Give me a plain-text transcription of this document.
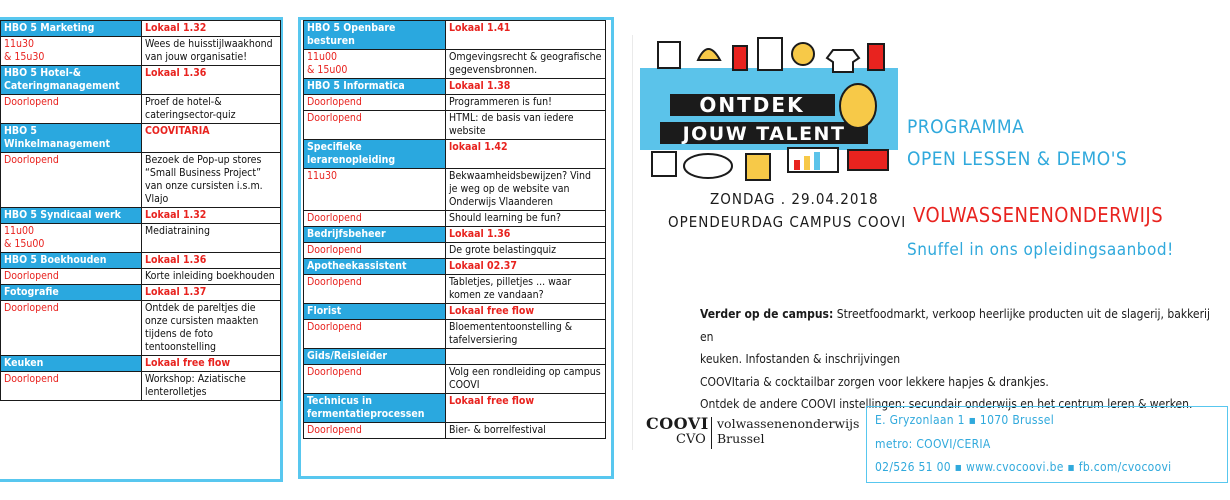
HBO 5 Marketing	Lokaal 1.32
11u30
& 15u30	Wees de huisstijlwaakhond van jouw organisatie!
HBO 5 Hotel-& Cateringmanagement	Lokaal 1.36
Doorlopend	Proef de hotel-& cateringsector-quiz
HBO 5 Winkelmanagement	COOVITARIA
Doorlopend	Bezoek de Pop-up stores “Small Business Project” van onze cursisten i.s.m. Vlajo
HBO 5 Syndicaal werk	Lokaal 1.32
11u00
& 15u00	Mediatraining
HBO 5 Boekhouden	Lokaal 1.36
Doorlopend	Korte inleiding boekhouden
Fotografie	Lokaal 1.37
Doorlopend	Ontdek de pareltjes die onze cursisten maakten tijdens de foto tentoonstelling
Keuken	Lokaal free flow
Doorlopend	Workshop: Aziatische lenterolletjes
HBO 5 Openbare besturen	Lokaal 1.41
11u00
& 15u00	Omgevingsrecht & geografische gegevensbronnen.
HBO 5 Informatica	Lokaal 1.38
Doorlopend	Programmeren is fun!
Doorlopend	HTML: de basis van iedere website
Specifieke lerarenopleiding	lokaal 1.42
11u30	Bekwaamheidsbewijzen? Vind je weg op de website van Onderwijs Vlaanderen
Doorlopend	Should learning be fun?
Bedrijfsbeheer	Lokaal 1.36
Doorlopend	De grote belastingquiz
Apotheekassistent	Lokaal 02.37
Doorlopend	Tabletjes, pilletjes ... waar komen ze vandaan?
Florist	Lokaal free flow
Doorlopend	Bloemententoonstelling & tafelversiering
Gids/Reisleider	
Doorlopend	Volg een rondleiding op campus COOVI
Technicus in fermentatieprocessen	Lokaal free flow
Doorlopend	Bier- & borrelfestival
ONTDEK
JOUW TALENT
ZONDAG . 29.04.2018
OPENDEURDAG CAMPUS COOVI
PROGRAMMA
OPEN LESSEN & DEMO'S
VOLWASSENENONDERWIJS
Snuffel in ons opleidingsaanbod!
Verder op de campus: Streetfoodmarkt, verkoop heerlijke producten uit de slagerij, bakkerij en
keuken. Infostanden & inschrijvingen
COOVItaria & cocktailbar zorgen voor lekkere hapjes & drankjes.
Ontdek de andere COOVI instellingen: secundair onderwijs en het centrum leren & werken.
COOVI
CVO
volwassenenonderwijs
Brussel
E. Gryzonlaan 1 ▪ 1070 Brussel
metro: COOVI/CERIA
02/526 51 00 ▪ www.cvocoovi.be ▪ fb.com/cvocoovi
